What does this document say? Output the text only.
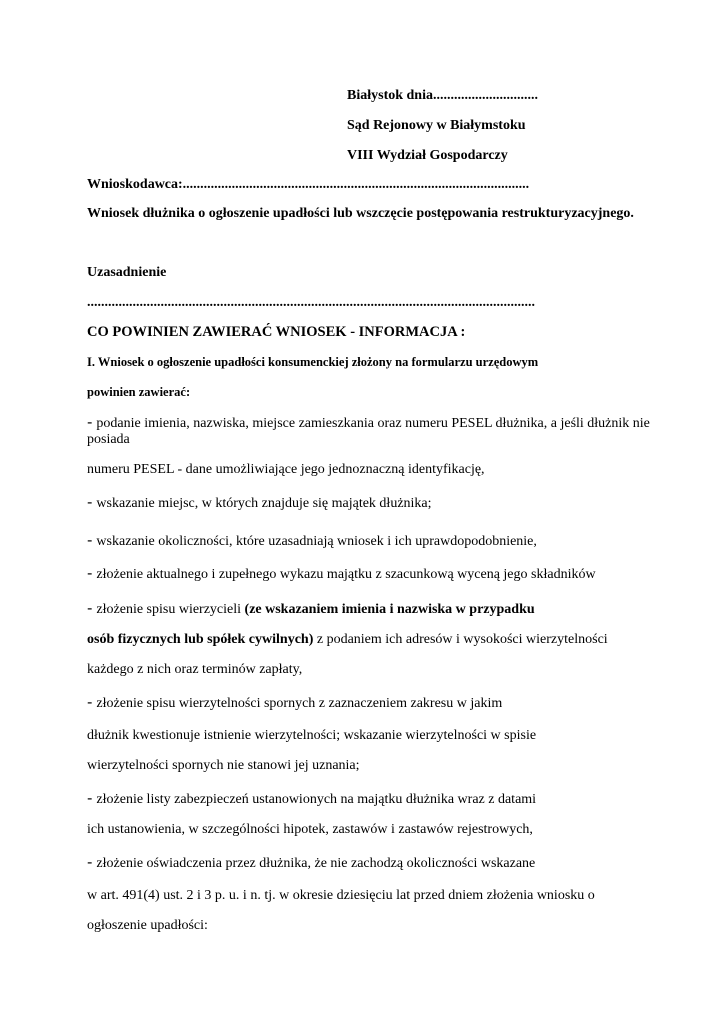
Białystok dnia..............................
Sąd Rejonowy w Białymstoku
VIII Wydział Gospodarczy
Wnioskodawca:...................................................................................................
Wniosek dłużnika o ogłoszenie upadłości lub wszczęcie postępowania restrukturyzacyjnego.
Uzasadnienie
................................................................................................................................
CO POWINIEN ZAWIERAĆ WNIOSEK - INFORMACJA :
I. Wniosek o ogłoszenie upadłości konsumenckiej złożony na formularzu urzędowym
powinien zawierać:
- podanie imienia, nazwiska, miejsce zamieszkania oraz numeru PESEL dłużnika, a jeśli dłużnik nie
posiada
numeru PESEL - dane umożliwiające jego jednoznaczną identyfikację,
- wskazanie miejsc, w których znajduje się majątek dłużnika;
- wskazanie okoliczności, które uzasadniają wniosek i ich uprawdopodobnienie,
- złożenie aktualnego i zupełnego wykazu majątku z szacunkową wyceną jego składników
- złożenie spisu wierzycieli (ze wskazaniem imienia i nazwiska w przypadku
osób fizycznych lub spółek cywilnych) z podaniem ich adresów i wysokości wierzytelności
każdego z nich oraz terminów zapłaty,
- złożenie spisu wierzytelności spornych z zaznaczeniem zakresu w jakim
dłużnik kwestionuje istnienie wierzytelności; wskazanie wierzytelności w spisie
wierzytelności spornych nie stanowi jej uznania;
- złożenie listy zabezpieczeń ustanowionych na majątku dłużnika wraz z datami
ich ustanowienia, w szczególności hipotek, zastawów i zastawów rejestrowych,
- złożenie oświadczenia przez dłużnika, że nie zachodzą okoliczności wskazane
w art. 491(4) ust. 2 i 3 p. u. i n. tj. w okresie dziesięciu lat przed dniem złożenia wniosku o
ogłoszenie upadłości:
